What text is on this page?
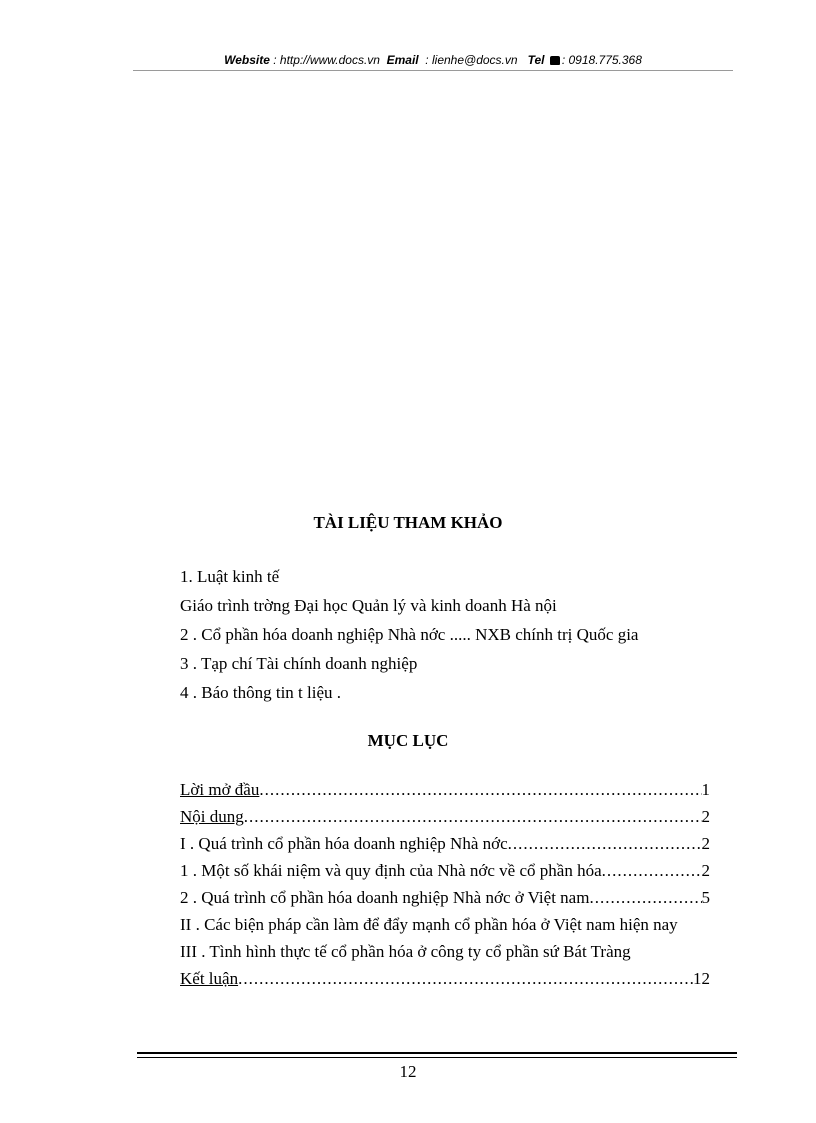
Website : http://www.docs.vn Email  : lienhe@docs.vn Tel : 0918.775.368
TÀI LIỆU THAM KHẢO
1. Luật kinh tế
Giáo trình trờng Đại học Quản lý và kinh doanh Hà nội
2 . Cổ phần hóa doanh nghiệp Nhà nớc ..... NXB chính trị Quốc gia
3 . Tạp chí Tài chính doanh nghiệp
4 . Báo thông tin t liệu .
MỤC LỤC
Lời mở đầu .....	1
Nội dung .....	2
I . Quá trình cổ phần hóa doanh nghiệp Nhà nớc .....	2
1 . Một số khái niệm và quy định của Nhà nớc về cổ phần hóa .....	2
2 . Quá trình cổ phần hóa doanh nghiệp Nhà nớc ở Việt nam .....	5
II . Các biện pháp cần làm để đẩy mạnh cổ phần hóa ở Việt nam hiện nay
III . Tình hình thực tế cổ phần hóa ở công ty cổ phần sứ Bát Tràng
Kết luận .....	12
12
